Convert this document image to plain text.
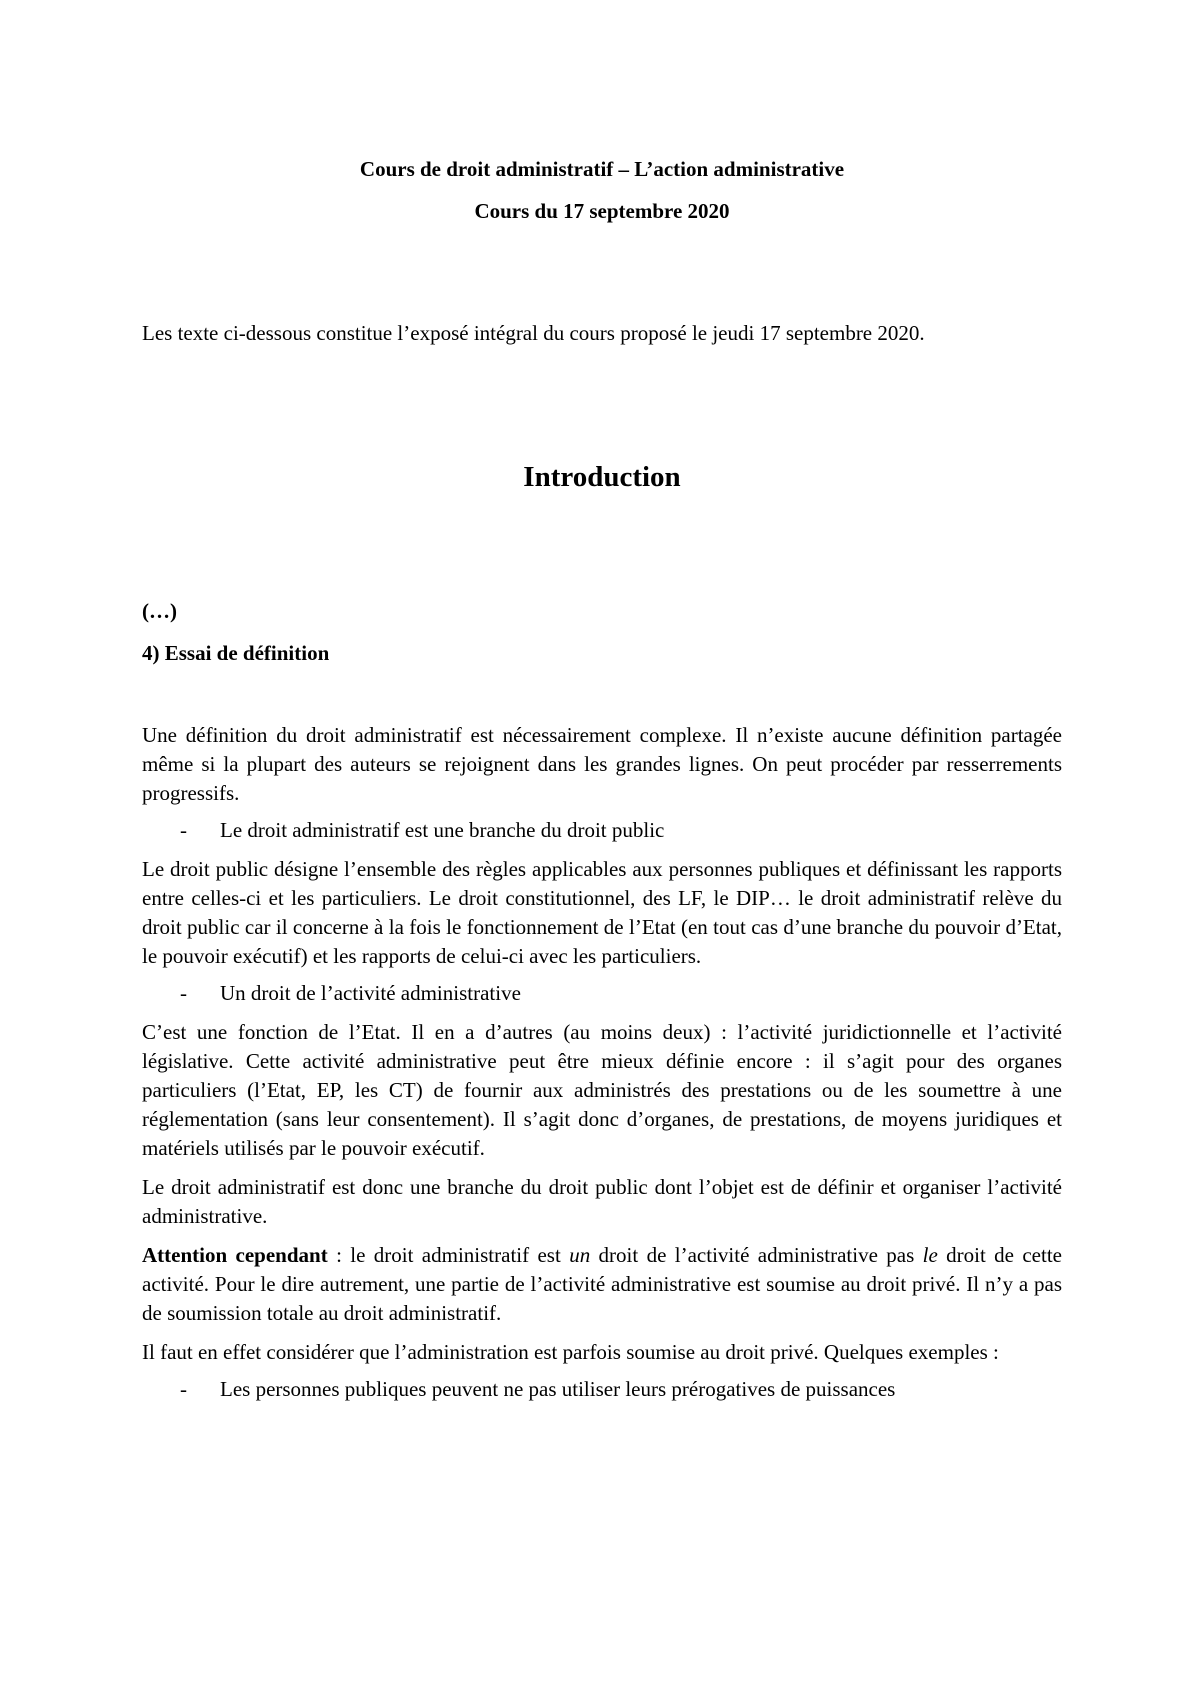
Cours de droit administratif – L’action administrative

Cours du 17 septembre 2020

Les texte ci-dessous constitue l’exposé intégral du cours proposé le jeudi 17 septembre 2020.

Introduction

(…)

4) Essai de définition

Une définition du droit administratif est nécessairement complexe. Il n’existe aucune définition partagée même si la plupart des auteurs se rejoignent dans les grandes lignes. On peut procéder par resserrements progressifs.

-	Le droit administratif est une branche du droit public

Le droit public désigne l’ensemble des règles applicables aux personnes publiques et définissant les rapports entre celles-ci et les particuliers. Le droit constitutionnel, des LF, le DIP… le droit administratif relève du droit public car il concerne à la fois le fonctionnement de l’Etat (en tout cas d’une branche du pouvoir d’Etat, le pouvoir exécutif) et les rapports de celui-ci avec les particuliers.

-	Un droit de l’activité administrative

C’est une fonction de l’Etat. Il en a d’autres (au moins deux) : l’activité juridictionnelle et l’activité législative. Cette activité administrative peut être mieux définie encore : il s’agit pour des organes particuliers (l’Etat, EP, les CT) de fournir aux administrés des prestations ou de les soumettre à une réglementation (sans leur consentement). Il s’agit donc d’organes, de prestations, de moyens juridiques et matériels utilisés par le pouvoir exécutif.

Le droit administratif est donc une branche du droit public dont l’objet est de définir et organiser l’activité administrative.

Attention cependant : le droit administratif est un droit de l’activité administrative pas le droit de cette activité. Pour le dire autrement, une partie de l’activité administrative est soumise au droit privé. Il n’y a pas de soumission totale au droit administratif.

Il faut en effet considérer que l’administration est parfois soumise au droit privé. Quelques exemples :

-	Les personnes publiques peuvent ne pas utiliser leurs prérogatives de puissances
